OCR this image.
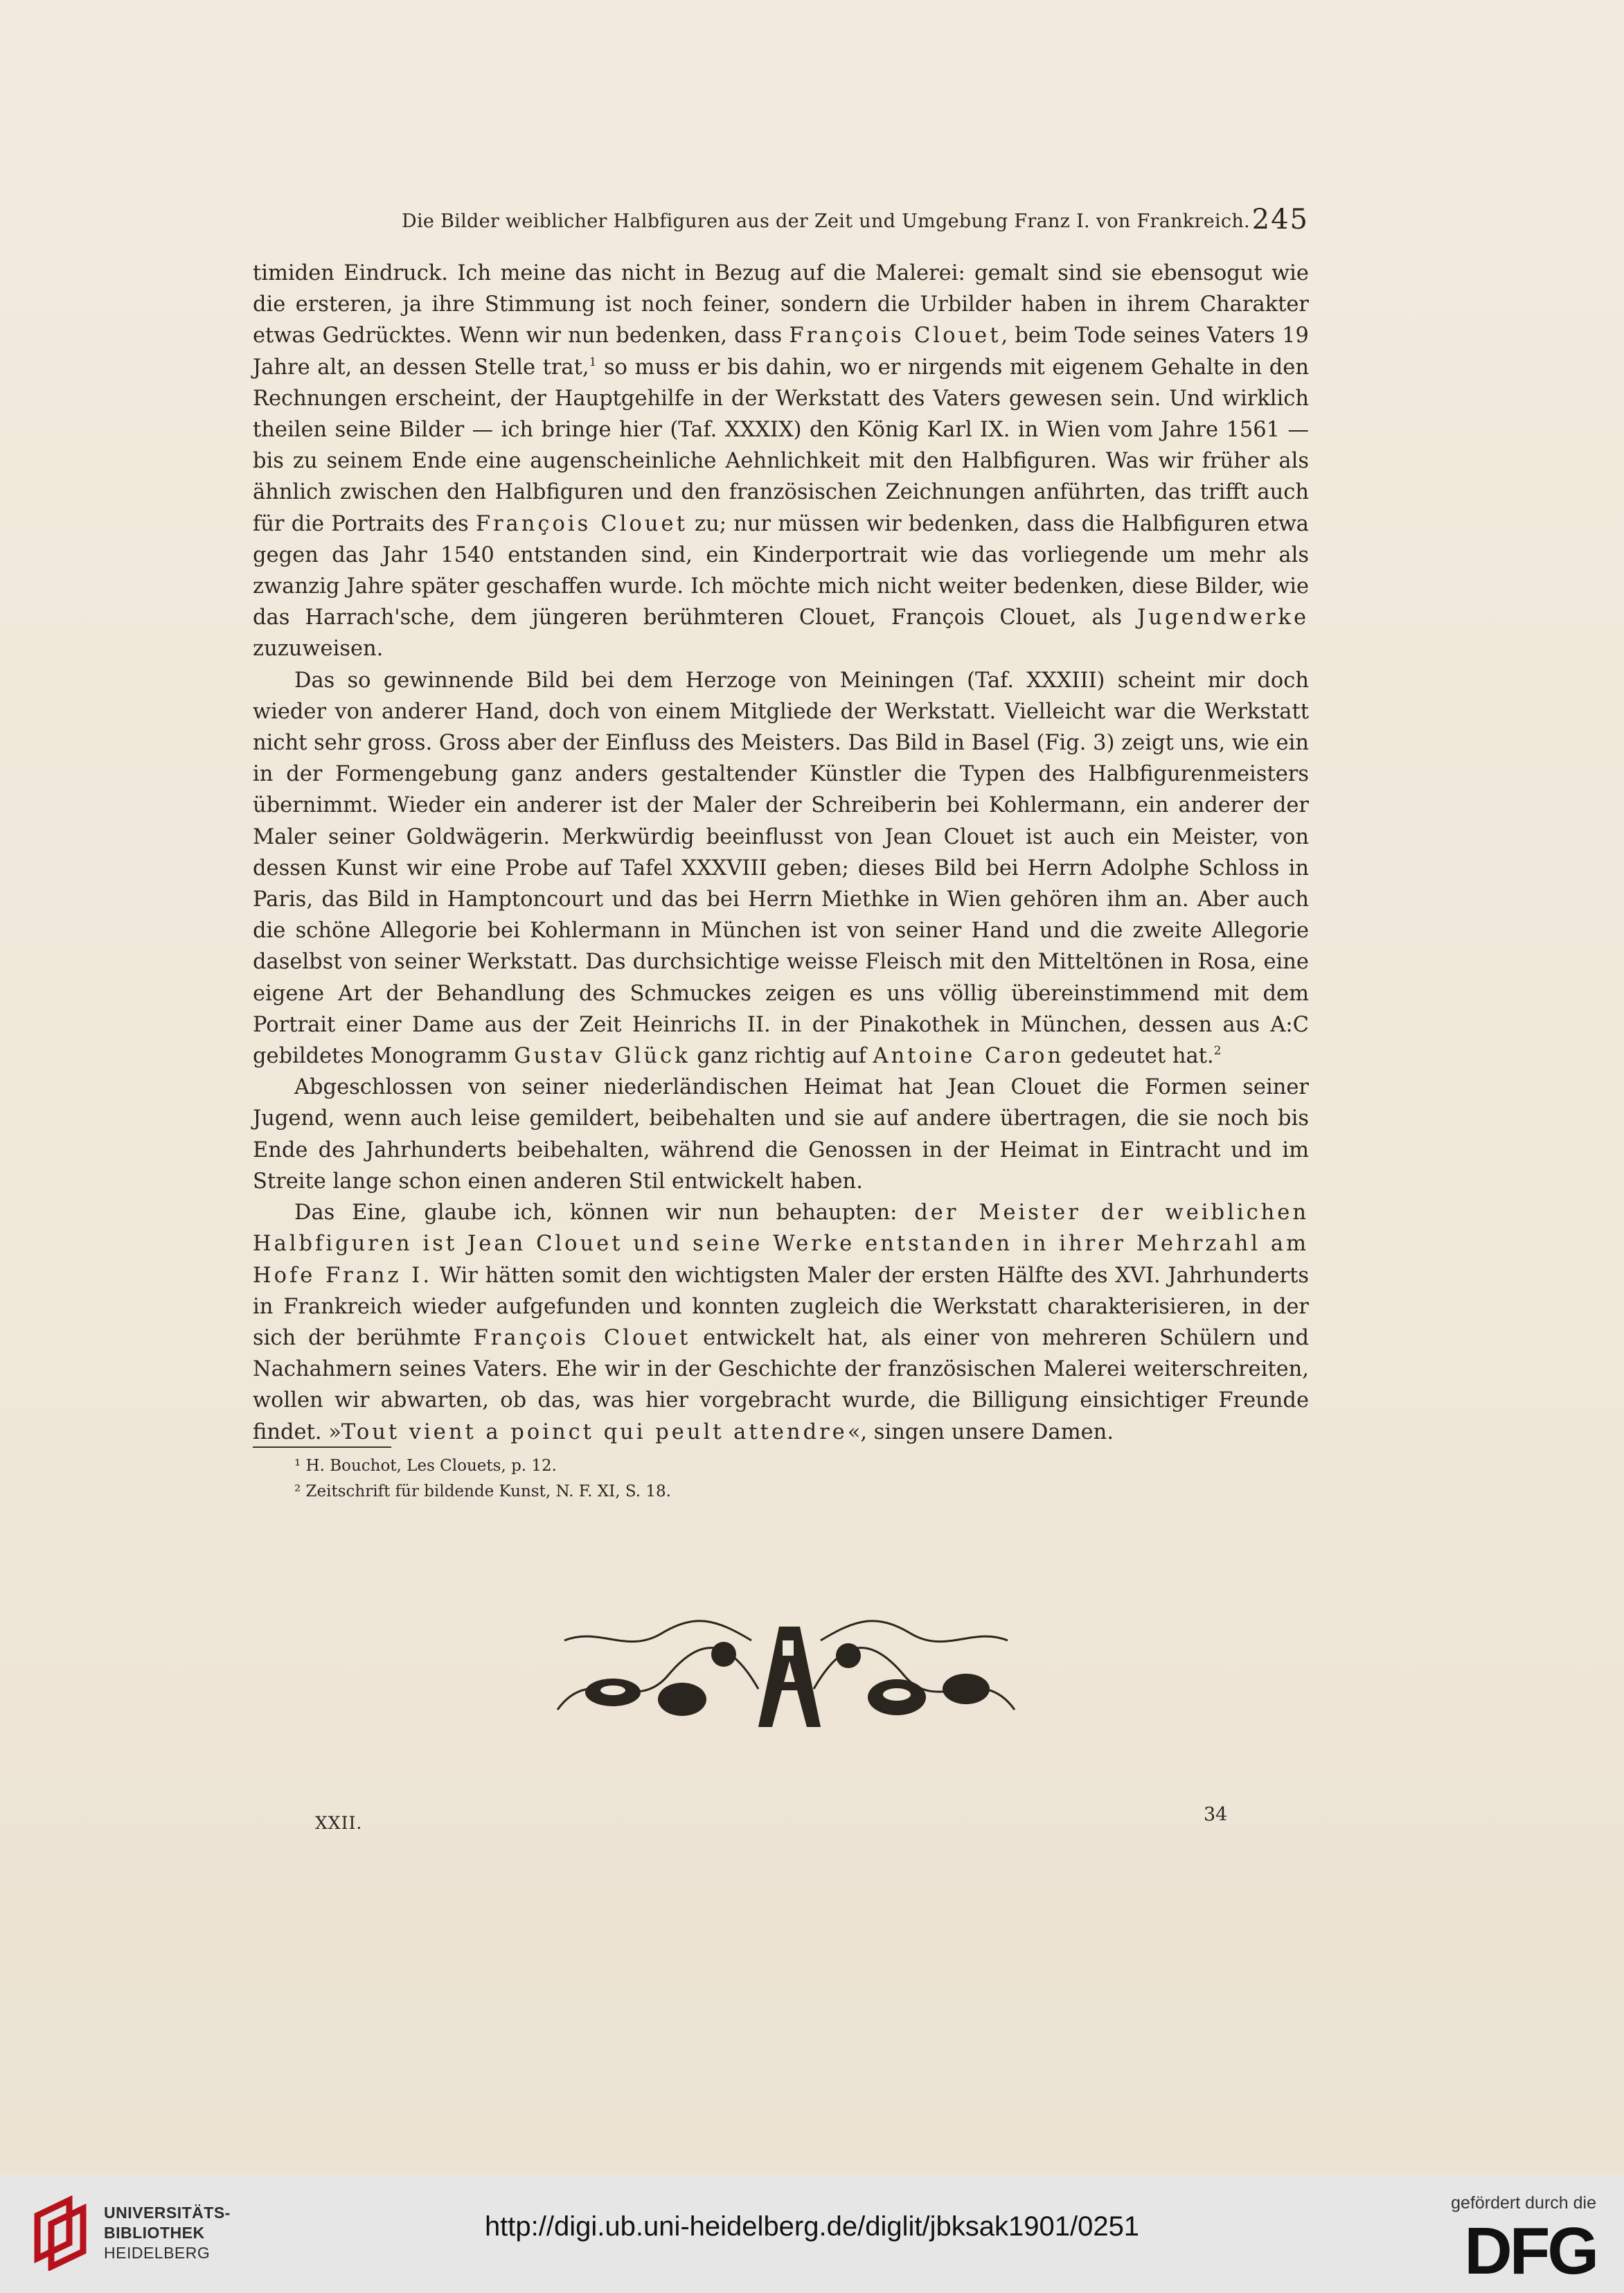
Die Bilder weiblicher Halbfiguren aus der Zeit und Umgebung Franz I. von Frankreich. 245

timiden Eindruck. Ich meine das nicht in Bezug auf die Malerei: gemalt sind sie ebensogut wie die ersteren, ja ihre Stimmung ist noch feiner, sondern die Urbilder haben in ihrem Charakter etwas Gedrücktes. Wenn wir nun bedenken, dass François Clouet, beim Tode seines Vaters 19 Jahre alt, an dessen Stelle trat,$^1$ so muss er bis dahin, wo er nirgends mit eigenem Gehalte in den Rechnungen erscheint, der Hauptgehilfe in der Werkstatt des Vaters gewesen sein. Und wirklich theilen seine Bilder — ich bringe hier (Taf. XXXIX) den König Karl IX. in Wien vom Jahre 1561 — bis zu seinem Ende eine augenscheinliche Aehnlichkeit mit den Halbfiguren. Was wir früher als ähnlich zwischen den Halbfiguren und den französischen Zeichnungen anführten, das trifft auch für die Portraits des François Clouet zu; nur müssen wir bedenken, dass die Halbfiguren etwa gegen das Jahr 1540 entstanden sind, ein Kinderportrait wie das vorliegende um mehr als zwanzig Jahre später geschaffen wurde. Ich möchte mich nicht weiter bedenken, diese Bilder, wie das Harrach'sche, dem jüngeren berühmteren Clouet, François Clouet, als Jugendwerke zuzuweisen.

Das so gewinnende Bild bei dem Herzoge von Meiningen (Taf. XXXIII) scheint mir doch wieder von anderer Hand, doch von einem Mitgliede der Werkstatt. Vielleicht war die Werkstatt nicht sehr gross. Gross aber der Einfluss des Meisters. Das Bild in Basel (Fig. 3) zeigt uns, wie ein in der Formengebung ganz anders gestaltender Künstler die Typen des Halbfigurenmeisters übernimmt. Wieder ein anderer ist der Maler der Schreiberin bei Kohlermann, ein anderer der Maler seiner Goldwägerin. Merkwürdig beeinflusst von Jean Clouet ist auch ein Meister, von dessen Kunst wir eine Probe auf Tafel XXXVIII geben; dieses Bild bei Herrn Adolphe Schloss in Paris, das Bild in Hamptoncourt und das bei Herrn Miethke in Wien gehören ihm an. Aber auch die schöne Allegorie bei Kohlermann in München ist von seiner Hand und die zweite Allegorie daselbst von seiner Werkstatt. Das durchsichtige weisse Fleisch mit den Mitteltönen in Rosa, eine eigene Art der Behandlung des Schmuckes zeigen es uns völlig übereinstimmend mit dem Portrait einer Dame aus der Zeit Heinrichs II. in der Pinakothek in München, dessen aus A:C gebildetes Monogramm Gustav Glück ganz richtig auf Antoine Caron gedeutet hat.$^2$

Abgeschlossen von seiner niederländischen Heimat hat Jean Clouet die Formen seiner Jugend, wenn auch leise gemildert, beibehalten und sie auf andere übertragen, die sie noch bis Ende des Jahrhunderts beibehalten, während die Genossen in der Heimat in Eintracht und im Streite lange schon einen anderen Stil entwickelt haben.

Das Eine, glaube ich, können wir nun behaupten: der Meister der weiblichen Halbfiguren ist Jean Clouet und seine Werke entstanden in ihrer Mehrzahl am Hofe Franz I. Wir hätten somit den wichtigsten Maler der ersten Hälfte des XVI. Jahrhunderts in Frankreich wieder aufgefunden und konnten zugleich die Werkstatt charakterisieren, in der sich der berühmte François Clouet entwickelt hat, als einer von mehreren Schülern und Nachahmern seines Vaters. Ehe wir in der Geschichte der französischen Malerei weiterschreiten, wollen wir abwarten, ob das, was hier vorgebracht wurde, die Billigung einsichtiger Freunde findet. »Tout vient a poinct qui peult attendre«, singen unsere Damen.

¹ H. Bouchot, Les Clouets, p. 12.
² Zeitschrift für bildende Kunst, N. F. XI, S. 18.
XXII.	34
UNIVERSITÄTS-
BIBLIOTHEK
HEIDELBERG
http://digi.ub.uni-heidelberg.de/diglit/jbksak1901/0251
gefördert durch die
DFG
